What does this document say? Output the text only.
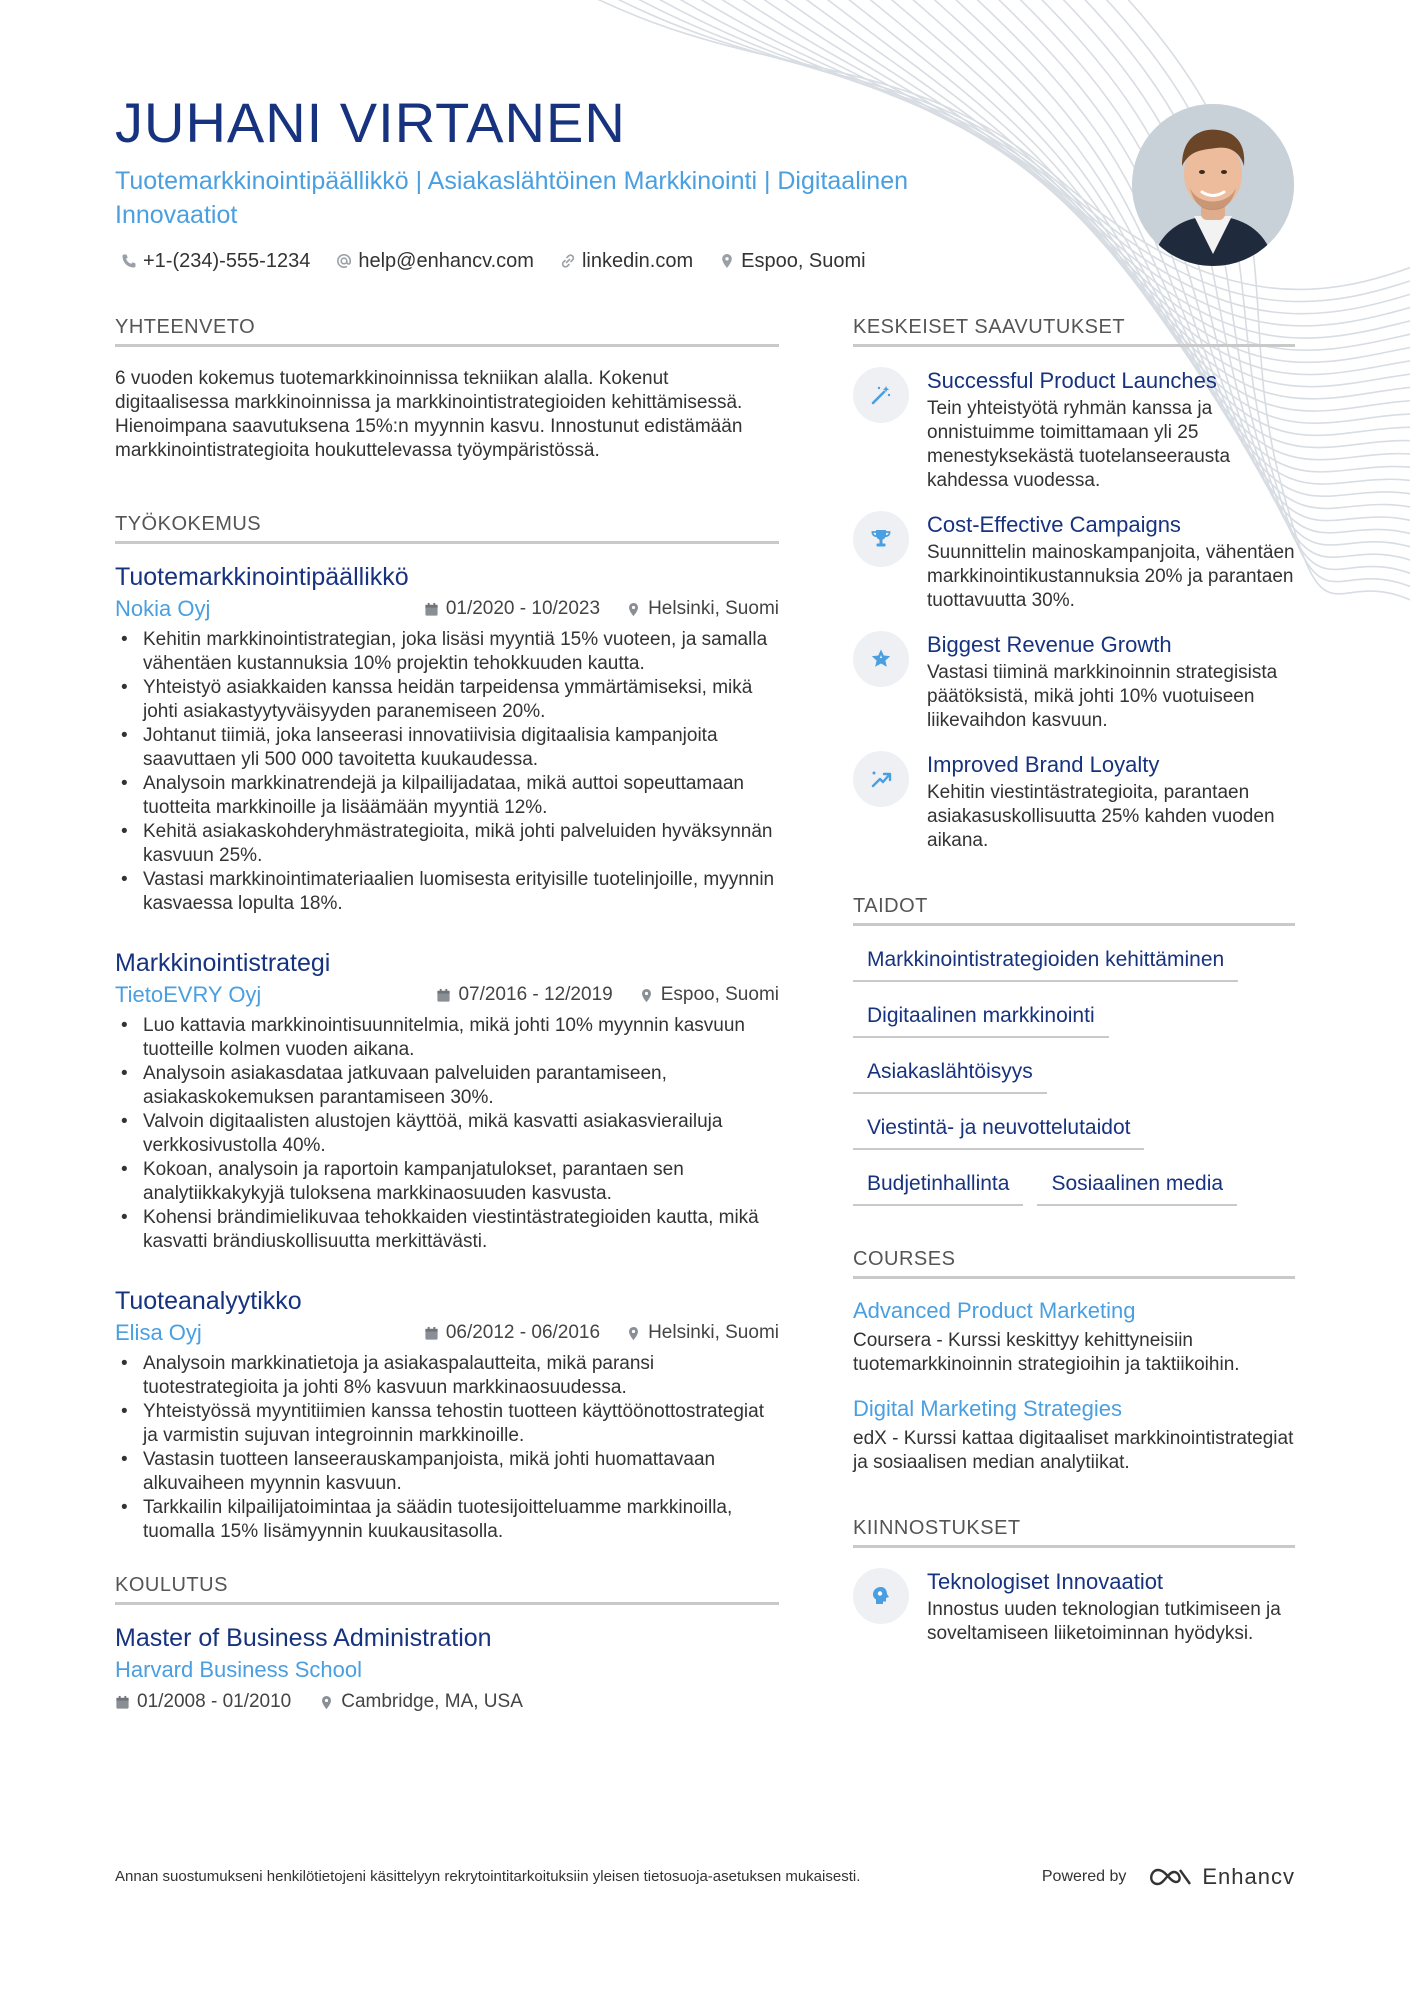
JUHANI VIRTANEN
Tuotemarkkinointipäällikkö | Asiakaslähtöinen Markkinointi | Digitaalinen Innovaatiot
+1-(234)-555-1234 help@enhancv.com linkedin.com Espoo, Suomi
YHTEENVETO
6 vuoden kokemus tuotemarkkinoinnissa tekniikan alalla. Kokenut digitaalisessa markkinoinnissa ja markkinointistrategioiden kehittämisessä. Hienoimpana saavutuksena 15%:n myynnin kasvu. Innostunut edistämään markkinointistrategioita houkuttelevassa työympäristössä.
TYÖKOKEMUS
Tuotemarkkinointipäällikkö
Nokia Oyj	01/2020 - 10/2023	Helsinki, Suomi
• Kehitin markkinointistrategian, joka lisäsi myyntiä 15% vuoteen, ja samalla vähentäen kustannuksia 10% projektin tehokkuuden kautta.
• Yhteistyö asiakkaiden kanssa heidän tarpeidensa ymmärtämiseksi, mikä johti asiakastyytyväisyyden paranemiseen 20%.
• Johtanut tiimiä, joka lanseerasi innovatiivisia digitaalisia kampanjoita saavuttaen yli 500 000 tavoitetta kuukaudessa.
• Analysoin markkinatrendejä ja kilpailijadataa, mikä auttoi sopeuttamaan tuotteita markkinoille ja lisäämään myyntiä 12%.
• Kehitä asiakaskohderyhmästrategioita, mikä johti palveluiden hyväksynnän kasvuun 25%.
• Vastasi markkinointimateriaalien luomisesta erityisille tuotelinjoille, myynnin kasvaessa lopulta 18%.
Markkinointistrategi
TietoEVRY Oyj	07/2016 - 12/2019	Espoo, Suomi
• Luo kattavia markkinointisuunnitelmia, mikä johti 10% myynnin kasvuun tuotteille kolmen vuoden aikana.
• Analysoin asiakasdataa jatkuvaan palveluiden parantamiseen, asiakaskokemuksen parantamiseen 30%.
• Valvoin digitaalisten alustojen käyttöä, mikä kasvatti asiakasvierailuja verkkosivustolla 40%.
• Kokoan, analysoin ja raportoin kampanjatulokset, parantaen sen analytiikkakykyjä tuloksena markkinaosuuden kasvusta.
• Kohensi brändimielikuvaa tehokkaiden viestintästrategioiden kautta, mikä kasvatti brändiuskollisuutta merkittävästi.
Tuoteanalyytikko
Elisa Oyj	06/2012 - 06/2016	Helsinki, Suomi
• Analysoin markkinatietoja ja asiakaspalautteita, mikä paransi tuotestrategioita ja johti 8% kasvuun markkinaosuudessa.
• Yhteistyössä myyntitiimien kanssa tehostin tuotteen käyttöönottostrategiat ja varmistin sujuvan integroinnin markkinoille.
• Vastasin tuotteen lanseerauskampanjoista, mikä johti huomattavaan alkuvaiheen myynnin kasvuun.
• Tarkkailin kilpailijatoimintaa ja säädin tuotesijoitteluamme markkinoilla, tuomalla 15% lisämyynnin kuukausitasolla.
KOULUTUS
Master of Business Administration
Harvard Business School
01/2008 - 01/2010	Cambridge, MA, USA
KESKEISET SAAVUTUKSET
Successful Product Launches
Tein yhteistyötä ryhmän kanssa ja onnistuimme toimittamaan yli 25 menestyksekästä tuotelanseerausta kahdessa vuodessa.
Cost-Effective Campaigns
Suunnittelin mainoskampanjoita, vähentäen markkinointikustannuksia 20% ja parantaen tuottavuutta 30%.
Biggest Revenue Growth
Vastasi tiiminä markkinoinnin strategisista päätöksistä, mikä johti 10% vuotuiseen liikevaihdon kasvuun.
Improved Brand Loyalty
Kehitin viestintästrategioita, parantaen asiakasuskollisuutta 25% kahden vuoden aikana.
TAIDOT
Markkinointistrategioiden kehittäminen
Digitaalinen markkinointi
Asiakaslähtöisyys
Viestintä- ja neuvottelutaidot
Budjetinhallinta	Sosiaalinen media
COURSES
Advanced Product Marketing
Coursera - Kurssi keskittyy kehittyneisiin tuotemarkkinoinnin strategioihin ja taktiikoihin.
Digital Marketing Strategies
edX - Kurssi kattaa digitaaliset markkinointistrategiat ja sosiaalisen median analytiikat.
KIINNOSTUKSET
Teknologiset Innovaatiot
Innostus uuden teknologian tutkimiseen ja soveltamiseen liiketoiminnan hyödyksi.
Annan suostumukseni henkilötietojeni käsittelyyn rekrytointitarkoituksiin yleisen tietosuoja-asetuksen mukaisesti.	Powered by	Enhancv
